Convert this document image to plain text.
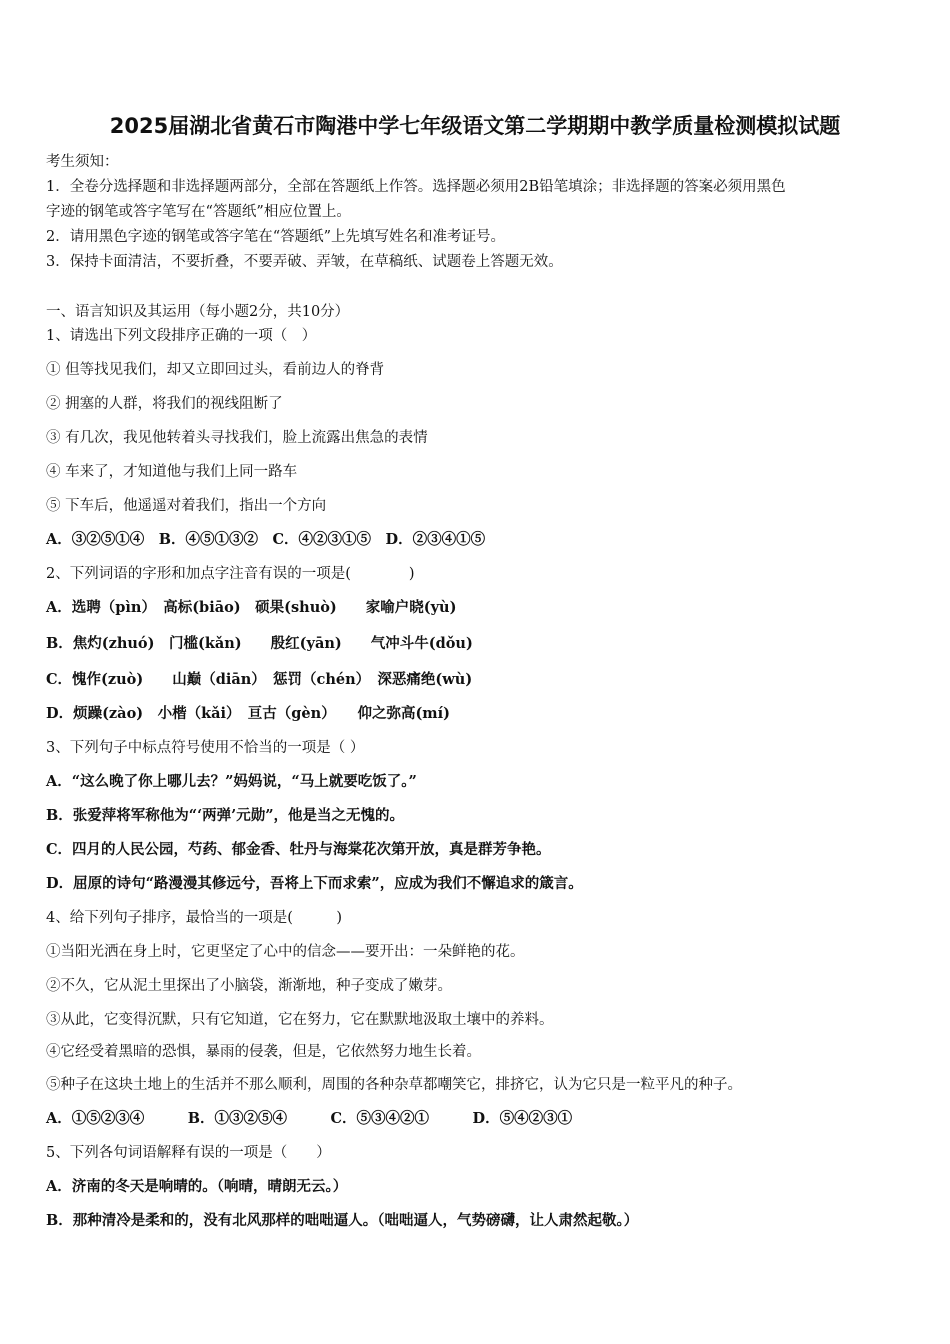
2025届湖北省黄石市陶港中学七年级语文第二学期期中教学质量检测模拟试题
考生须知：
1．全卷分选择题和非选择题两部分，全部在答题纸上作答。选择题必须用2B铅笔填涂；非选择题的答案必须用黑色
字迹的钢笔或答字笔写在“答题纸”相应位置上。
2．请用黑色字迹的钢笔或答字笔在“答题纸”上先填写姓名和准考证号。
3．保持卡面清洁，不要折叠，不要弄破、弄皱，在草稿纸、试题卷上答题无效。
一、语言知识及其运用（每小题2分，共10分）
1、请选出下列文段排序正确的一项（　）
① 但等找见我们，却又立即回过头，看前边人的脊背
② 拥塞的人群，将我们的视线阻断了
③ 有几次，我见他转着头寻找我们，脸上流露出焦急的表情
④ 车来了，才知道他与我们上同一路车
⑤ 下车后，他遥遥对着我们，指出一个方向
A．③②⑤①④　B．④⑤①③②　C．④②③①⑤　D．②③④①⑤
2、下列词语的字形和加点字注音有误的一项是(　　　　)
A．选聘（pìn）　高标(biāo)　硕果(shuò)　　家喻户晓(yù)
B．焦灼(zhuó)　门槛(kǎn)　　殷红(yān)　　气冲斗牛(dǒu)
C．愧作(zuò)　　山巅（diān）　惩罚（chén）　深恶痛绝(wù)
D．烦躁(zào)　小楷（kǎi）　亘古（gèn）　　仰之弥高(mí)
3、下列句子中标点符号使用不恰当的一项是（ ）
A．“这么晚了你上哪儿去？”妈妈说，“马上就要吃饭了。”
B．张爱萍将军称他为“‘两弹’元勋”，他是当之无愧的。
C．四月的人民公园，芍药、郁金香、牡丹与海棠花次第开放，真是群芳争艳。
D．屈原的诗句“路漫漫其修远兮，吾将上下而求索”，应成为我们不懈追求的箴言。
4、给下列句子排序，最恰当的一项是(　　　)
①当阳光洒在身上时，它更坚定了心中的信念——要开出：一朵鲜艳的花。
②不久，它从泥土里探出了小脑袋，渐渐地，种子变成了嫩芽。
③从此，它变得沉默，只有它知道，它在努力，它在默默地汲取土壤中的养料。
④它经受着黑暗的恐惧，暴雨的侵袭，但是，它依然努力地生长着。
⑤种子在这块土地上的生活并不那么顺利，周围的各种杂草都嘲笑它，排挤它，认为它只是一粒平凡的种子。
A．①⑤②③④　　　B．①③②⑤④　　　C．⑤③④②①　　　D．⑤④②③①
5、下列各句词语解释有误的一项是（　　）
A．济南的冬天是响晴的。（响晴，晴朗无云。）
B．那种清冷是柔和的，没有北风那样的咄咄逼人。（咄咄逼人，气势磅礴，让人肃然起敬。）
